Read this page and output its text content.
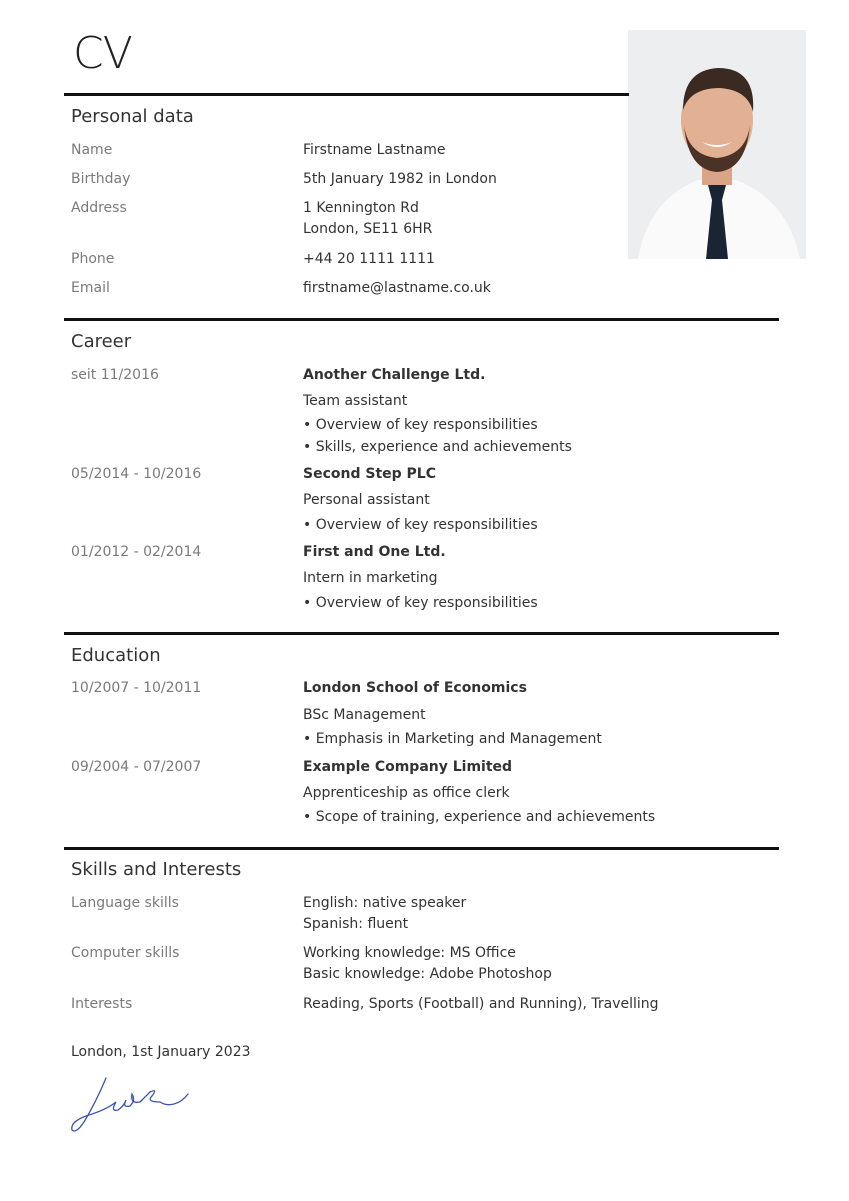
CV
Personal data
Name	Firstname Lastname
Birthday	5th January 1982 in London
Address	1 Kennington Rd
London, SE11 6HR
Phone	+44 20 1111 1111
Email	firstname@lastname.co.uk
Career
seit 11/2016	Another Challenge Ltd.
Team assistant
• Overview of key responsibilities
• Skills, experience and achievements
05/2014 - 10/2016	Second Step PLC
Personal assistant
• Overview of key responsibilities
01/2012 - 02/2014	First and One Ltd.
Intern in marketing
• Overview of key responsibilities
Education
10/2007 - 10/2011	London School of Economics
BSc Management
• Emphasis in Marketing and Management
09/2004 - 07/2007	Example Company Limited
Apprenticeship as office clerk
• Scope of training, experience and achievements
Skills and Interests
Language skills	English: native speaker
Spanish: fluent
Computer skills	Working knowledge: MS Office
Basic knowledge: Adobe Photoshop
Interests	Reading, Sports (Football) and Running), Travelling
London, 1st January 2023
